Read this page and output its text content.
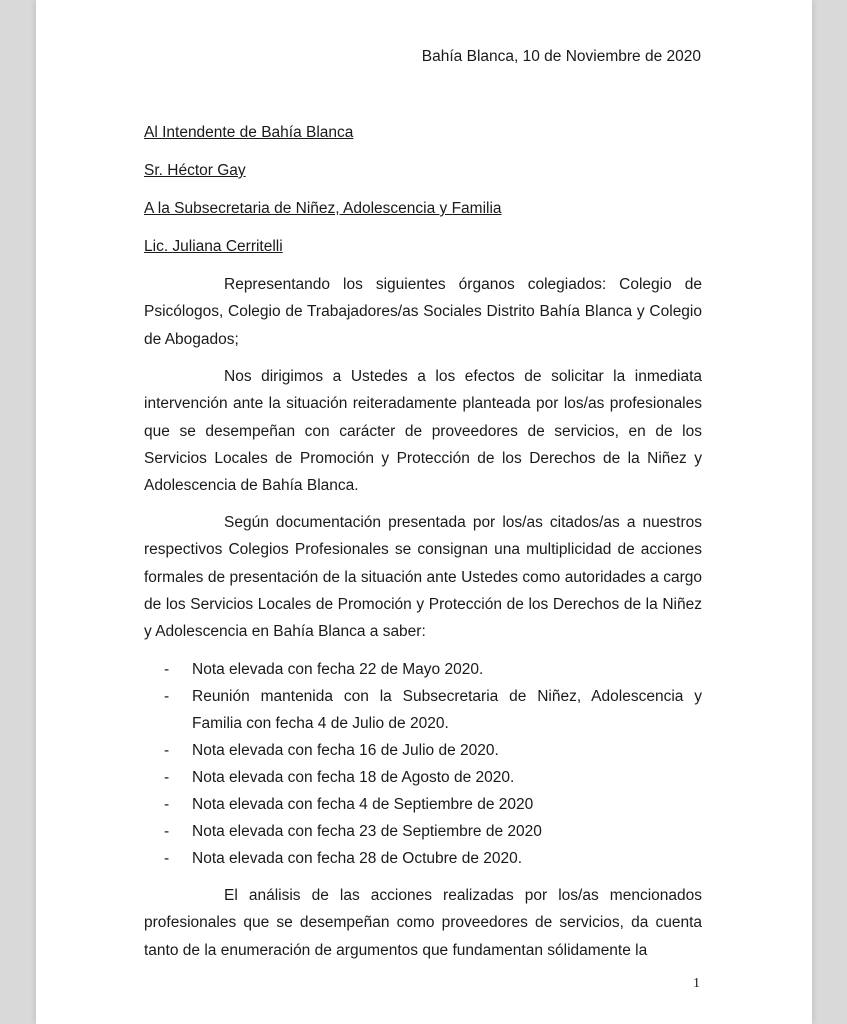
Bahía Blanca, 10 de Noviembre de 2020
Al Intendente de Bahía Blanca
Sr. Héctor Gay
A la Subsecretaria de Niñez, Adolescencia y Familia
Lic. Juliana Cerritelli

Representando los siguientes órganos colegiados: Colegio de Psicólogos, Colegio de Trabajadores/as Sociales Distrito Bahía Blanca y Colegio de Abogados;

Nos dirigimos a Ustedes a los efectos de solicitar la inmediata intervención ante la situación reiteradamente planteada por los/as profesionales que se desempeñan con carácter de proveedores de servicios, en de los Servicios Locales de Promoción y Protección de los Derechos de la Niñez y Adolescencia de Bahía Blanca.

Según documentación presentada por los/as citados/as a nuestros respectivos Colegios Profesionales se consignan una multiplicidad de acciones formales de presentación de la situación ante Ustedes como autoridades a cargo de los Servicios Locales de Promoción y Protección de los Derechos de la Niñez y Adolescencia en Bahía Blanca a saber:

- Nota elevada con fecha 22 de Mayo 2020.
- Reunión mantenida con la Subsecretaria de Niñez, Adolescencia y Familia con fecha 4 de Julio de 2020.
- Nota elevada con fecha 16 de Julio de 2020.
- Nota elevada con fecha 18 de Agosto de 2020.
- Nota elevada con fecha 4 de Septiembre de 2020
- Nota elevada con fecha 23 de Septiembre de 2020
- Nota elevada con fecha 28 de Octubre de 2020.

El análisis de las acciones realizadas por los/as mencionados profesionales que se desempeñan como proveedores de servicios, da cuenta tanto de la enumeración de argumentos que fundamentan sólidamente la

1
